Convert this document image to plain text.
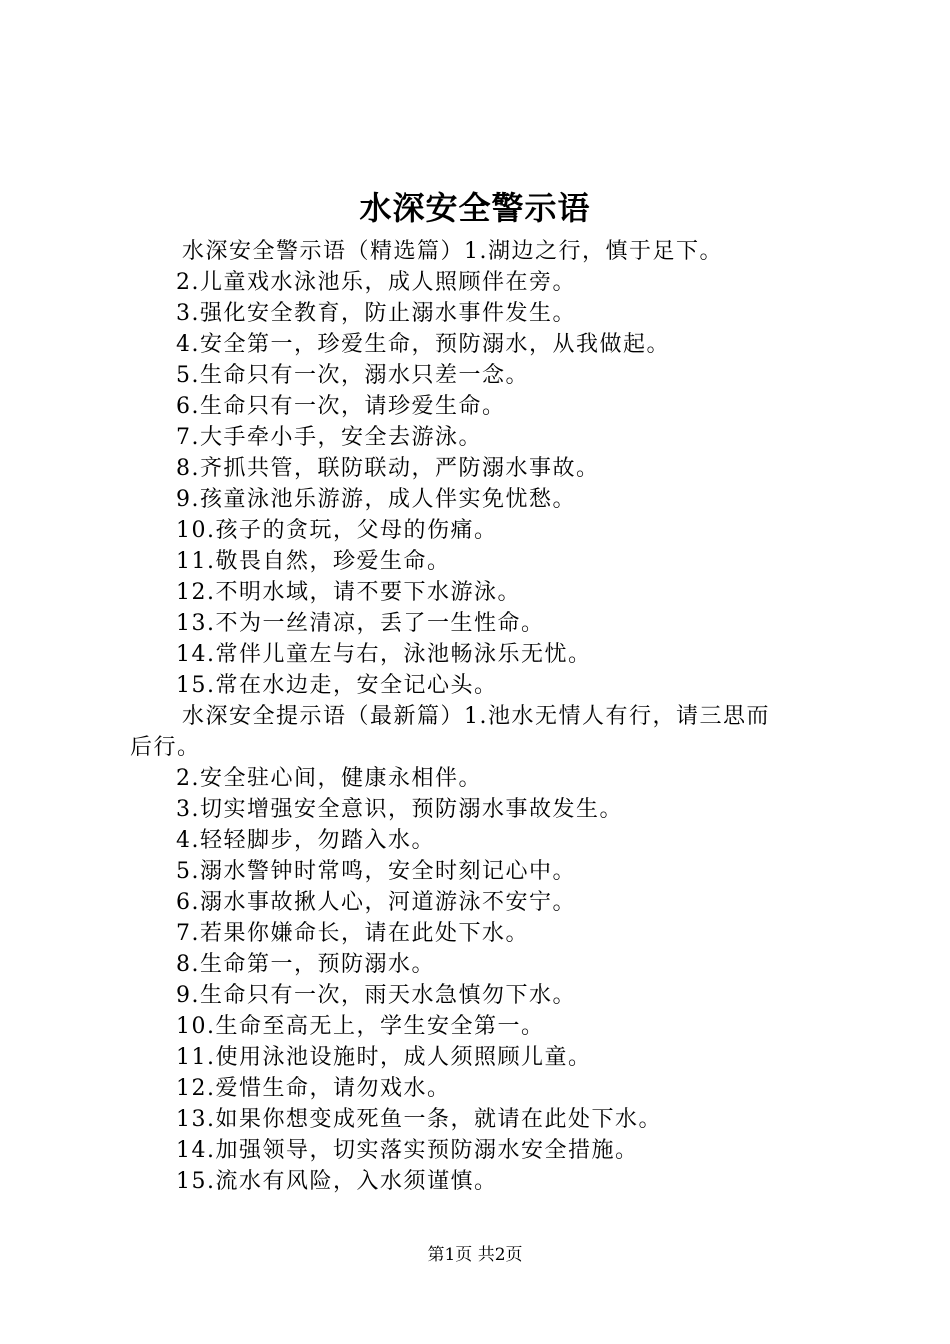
水深安全警示语
水深安全警示语（精选篇）1.湖边之行，慎于足下。
2.儿童戏水泳池乐，成人照顾伴在旁。
3.强化安全教育，防止溺水事件发生。
4.安全第一，珍爱生命，预防溺水，从我做起。
5.生命只有一次，溺水只差一念。
6.生命只有一次，请珍爱生命。
7.大手牵小手，安全去游泳。
8.齐抓共管，联防联动，严防溺水事故。
9.孩童泳池乐游游，成人伴实免忧愁。
10.孩子的贪玩，父母的伤痛。
11.敬畏自然，珍爱生命。
12.不明水域，请不要下水游泳。
13.不为一丝清凉，丢了一生性命。
14.常伴儿童左与右，泳池畅泳乐无忧。
15.常在水边走，安全记心头。
水深安全提示语（最新篇）1.池水无情人有行，请三思而
后行。
2.安全驻心间，健康永相伴。
3.切实增强安全意识，预防溺水事故发生。
4.轻轻脚步，勿踏入水。
5.溺水警钟时常鸣，安全时刻记心中。
6.溺水事故揪人心，河道游泳不安宁。
7.若果你嫌命长，请在此处下水。
8.生命第一，预防溺水。
9.生命只有一次，雨天水急慎勿下水。
10.生命至高无上，学生安全第一。
11.使用泳池设施时，成人须照顾儿童。
12.爱惜生命，请勿戏水。
13.如果你想变成死鱼一条，就请在此处下水。
14.加强领导，切实落实预防溺水安全措施。
15.流水有风险，入水须谨慎。
第1页 共2页
